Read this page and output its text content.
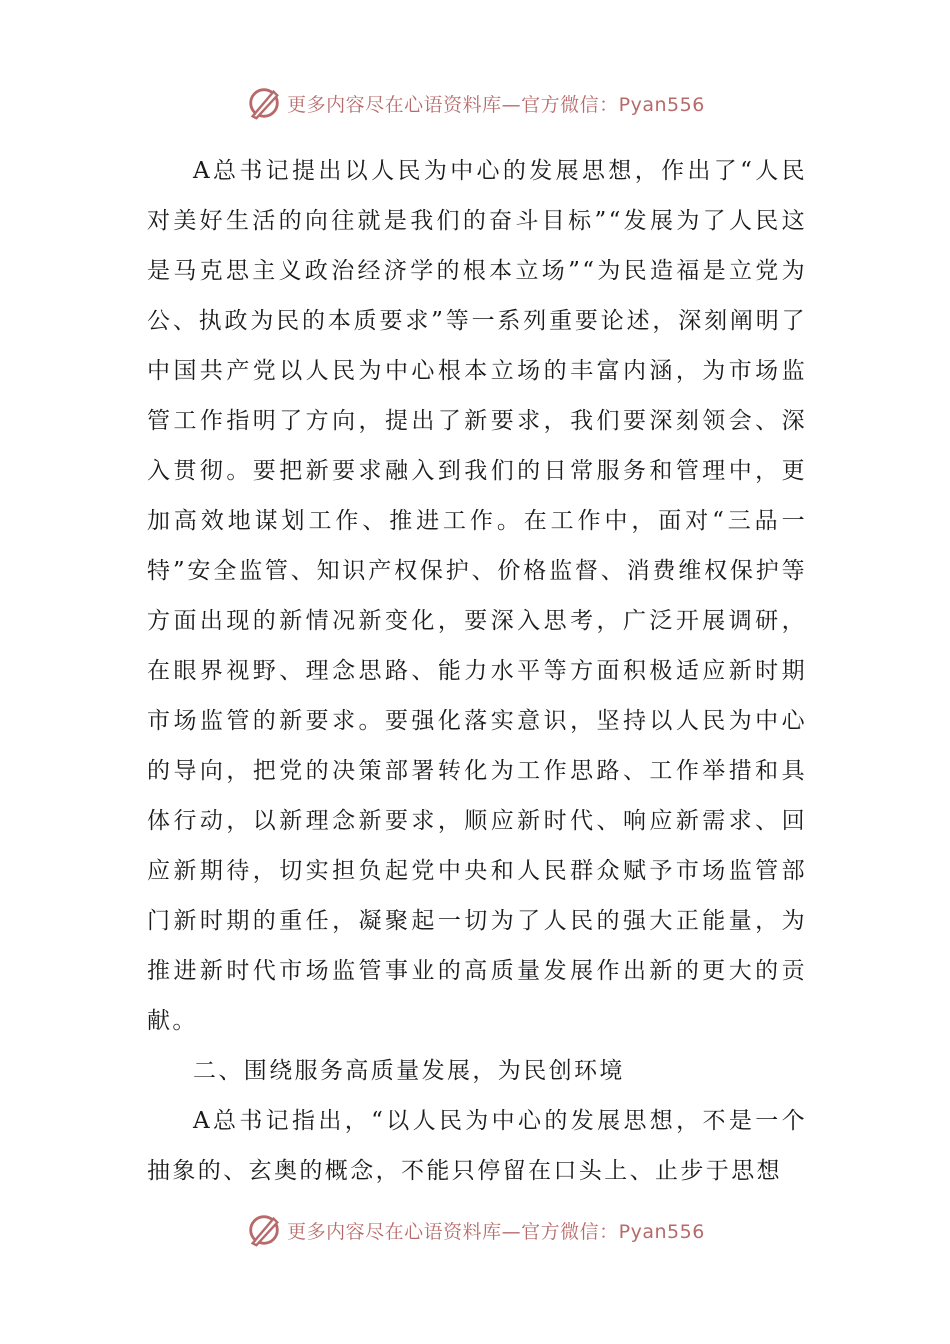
更多内容尽在心语资料库—官方微信：Pyan556

A总书记提出以人民为中心的发展思想，作出了“人民对美好生活的向往就是我们的奋斗目标”“发展为了人民这是马克思主义政治经济学的根本立场”“为民造福是立党为公、执政为民的本质要求”等一系列重要论述，深刻阐明了中国共产党以人民为中心根本立场的丰富内涵，为市场监管工作指明了方向，提出了新要求，我们要深刻领会、深入贯彻。要把新要求融入到我们的日常服务和管理中，更加高效地谋划工作、推进工作。在工作中，面对“三品一特”安全监管、知识产权保护、价格监督、消费维权保护等方面出现的新情况新变化，要深入思考，广泛开展调研，在眼界视野、理念思路、能力水平等方面积极适应新时期市场监管的新要求。要强化落实意识，坚持以人民为中心的导向，把党的决策部署转化为工作思路、工作举措和具体行动，以新理念新要求，顺应新时代、响应新需求、回应新期待，切实担负起党中央和人民群众赋予市场监管部门新时期的重任，凝聚起一切为了人民的强大正能量，为推进新时代市场监管事业的高质量发展作出新的更大的贡献。

二、围绕服务高质量发展，为民创环境

A总书记指出，“以人民为中心的发展思想，不是一个抽象的、玄奥的概念，不能只停留在口头上、止步于思想

更多内容尽在心语资料库—官方微信：Pyan556
